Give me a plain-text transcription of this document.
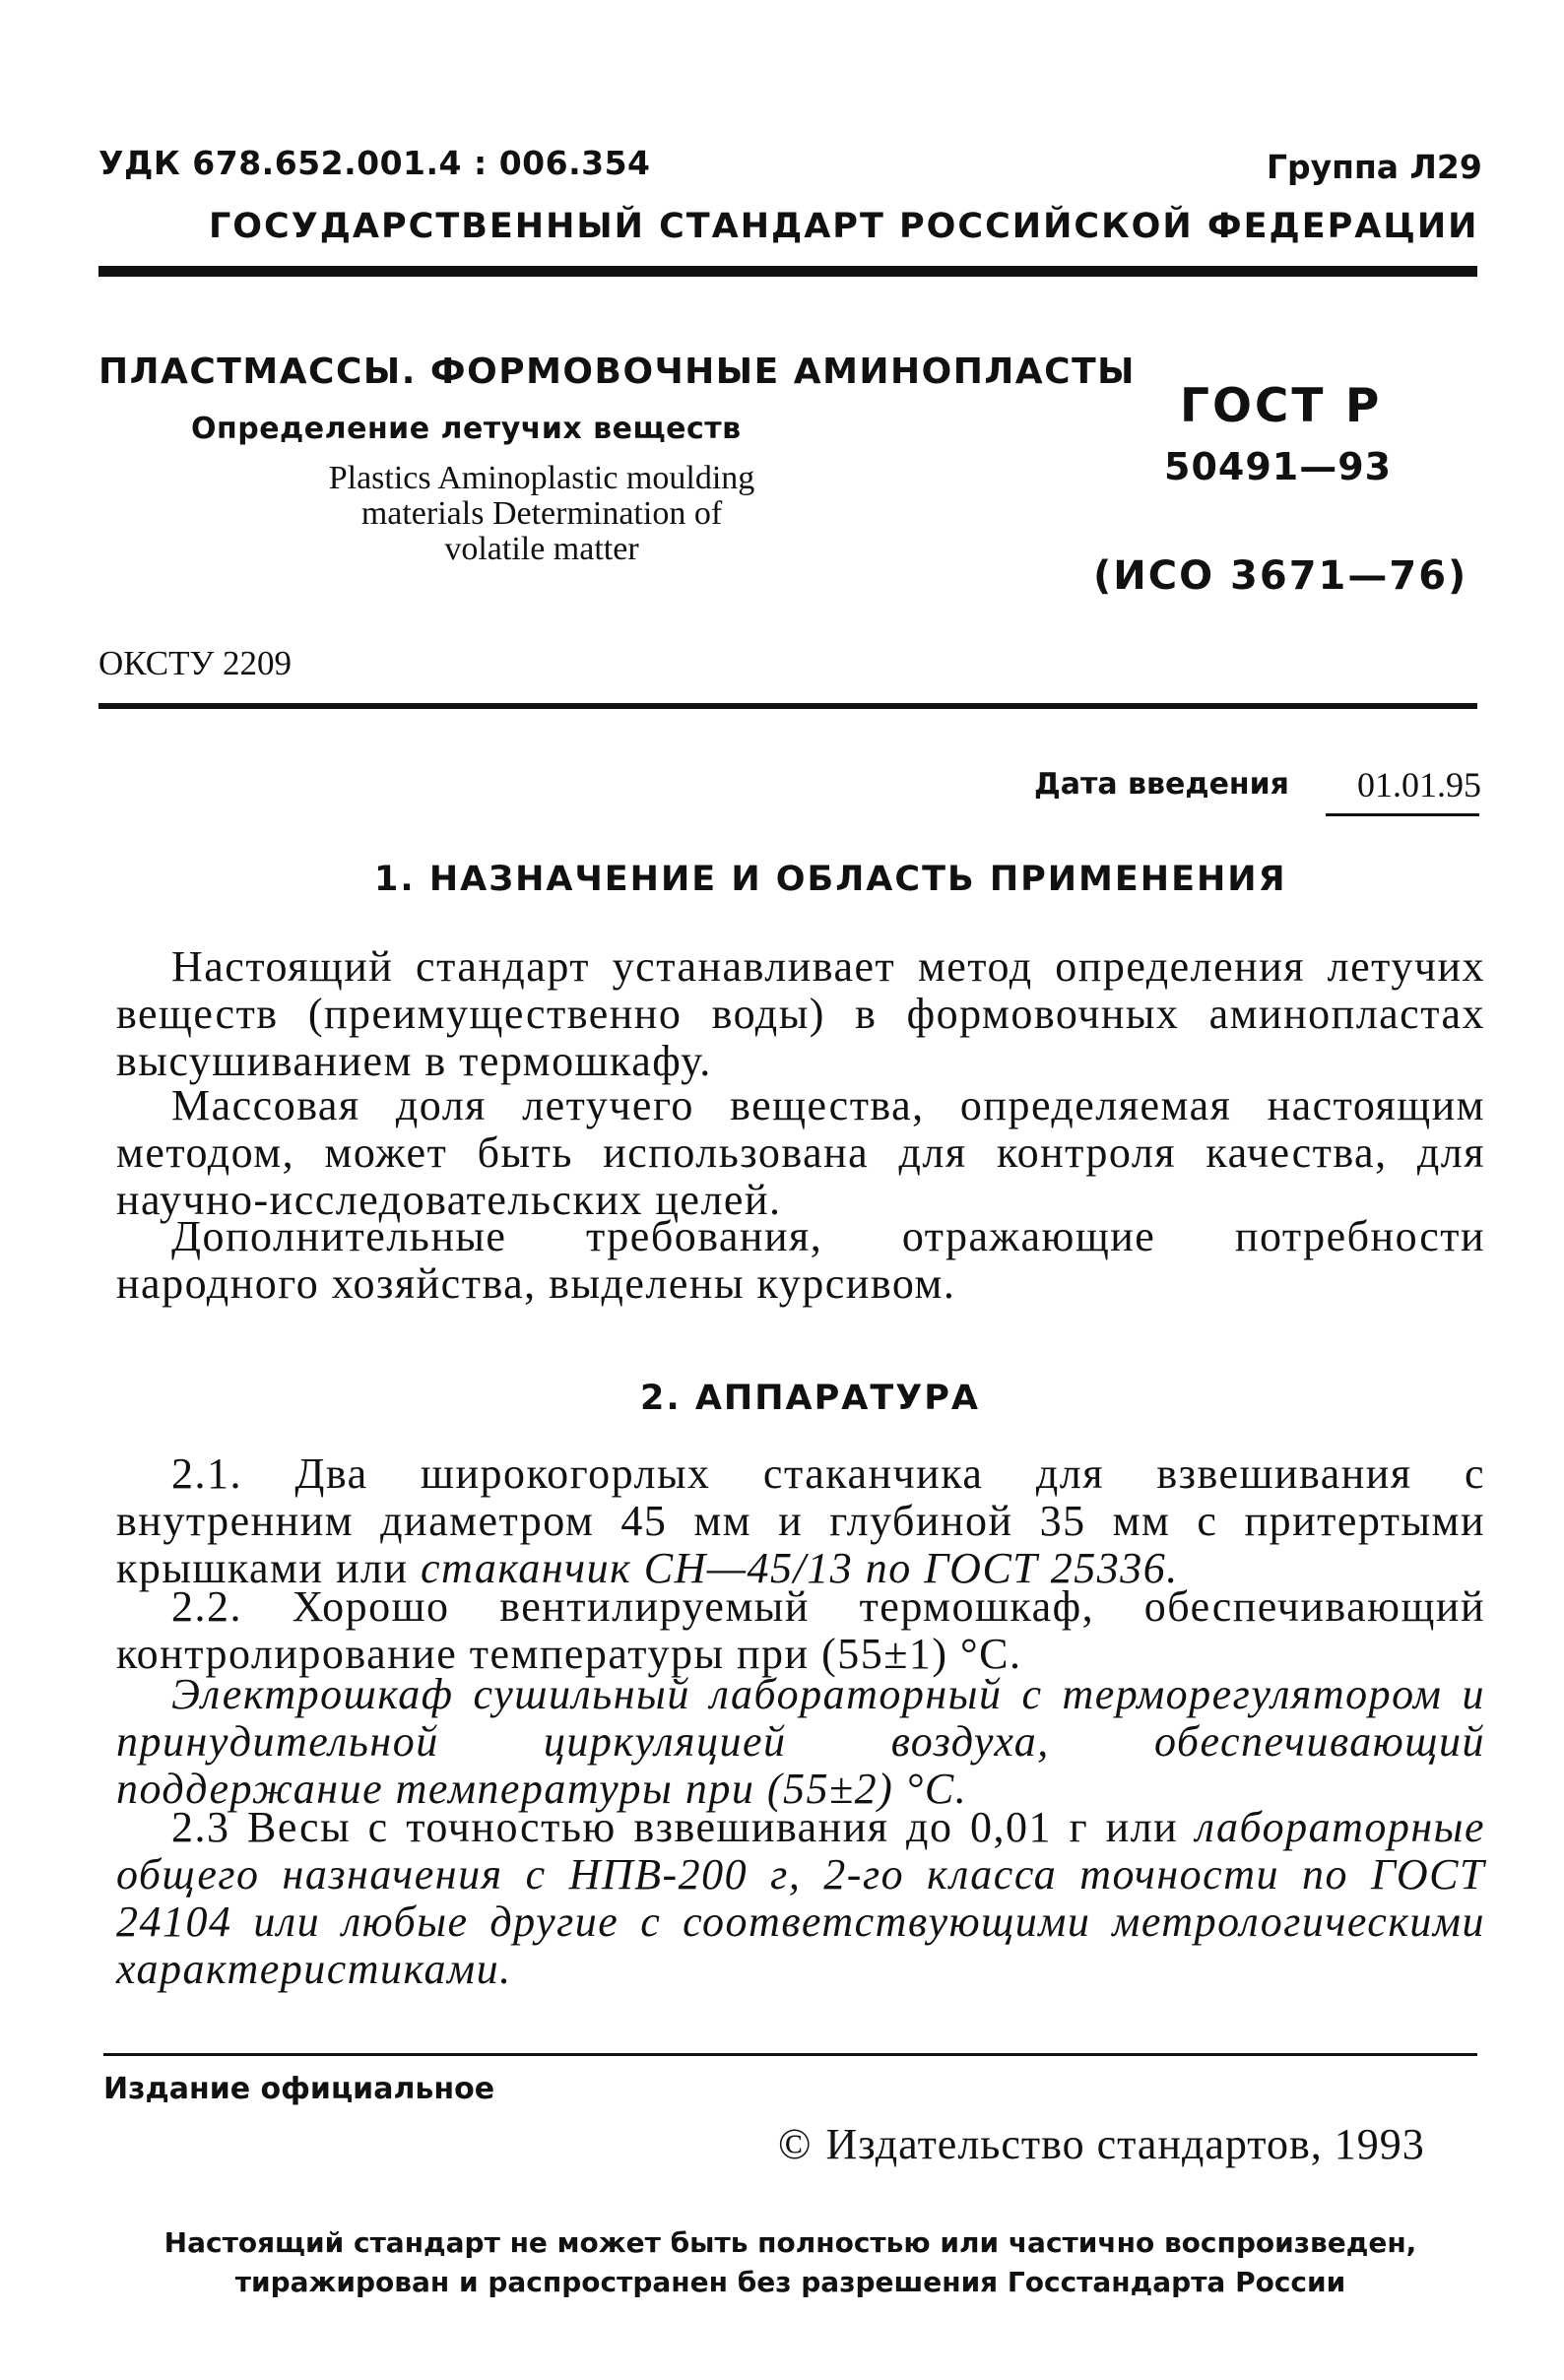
УДК 678.652.001.4 : 006.354	Группа Л29
ГОСУДАРСТВЕННЫЙ СТАНДАРТ РОССИЙСКОЙ ФЕДЕРАЦИИ
ПЛАСТМАССЫ. ФОРМОВОЧНЫЕ АМИНОПЛАСТЫ
Определение летучих веществ
Plastics Aminoplastic moulding
materials Determination of
volatile matter
ГОСТ Р
50491—93
(ИСО 3671—76)
ОКСТУ 2209
Дата введения 01.01.95
1. НАЗНАЧЕНИЕ И ОБЛАСТЬ ПРИМЕНЕНИЯ
Настоящий стандарт устанавливает метод определения летучих веществ (преимущественно воды) в формовочных аминопластах высушиванием в термошкафу.
Массовая доля летучего вещества, определяемая настоящим методом, может быть использована для контроля качества, для научно-исследовательских целей.
Дополнительные требования, отражающие потребности народного хозяйства, выделены курсивом.
2. АППАРАТУРА
2.1. Два широкогорлых стаканчика для взвешивания с внутренним диаметром 45 мм и глубиной 35 мм с притертыми крышками или стаканчик СН—45/13 по ГОСТ 25336.
2.2. Хорошо вентилируемый термошкаф, обеспечивающий контролирование температуры при (55±1) °С.
Электрошкаф сушильный лабораторный с терморегулятором и принудительной циркуляцией воздуха, обеспечивающий поддержание температуры при (55±2) °С.
2.3 Весы с точностью взвешивания до 0,01 г или лабораторные общего назначения с НПВ-200 г, 2-го класса точности по ГОСТ 24104 или любые другие с соответствующими метрологическими характеристиками.
Издание официальное
© Издательство стандартов, 1993
Настоящий стандарт не может быть полностью или частично воспроизведен,
тиражирован и распространен без разрешения Госстандарта России
